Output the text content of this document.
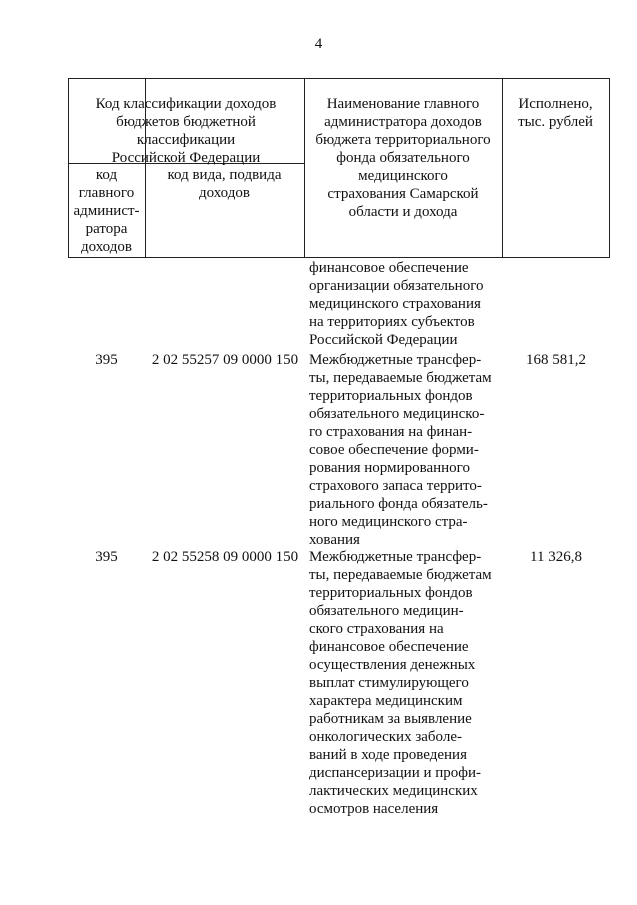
4
Код классификации доходов
бюджетов бюджетной
классификации
Российской Федерации
код
главного
админист-
ратора
доходов
код вида, подвида
доходов
Наименование главного
администратора доходов
бюджета территориального
фонда обязательного
медицинского
страхования Самарской
области и дохода
Исполнено,
тыс. рублей
финансовое обеспечение
организации обязательного
медицинского страхования
на территориях субъектов
Российской Федерации
395	2 02 55257 09 0000 150 Межбюджетные трансфер-
ты, передаваемые бюджетам
территориальных фондов
обязательного медицинско-
го страхования на финан-
совое обеспечение форми-
рования нормированного
страхового запаса террито-
риального фонда обязатель-
ного медицинского стра-
хования
168 581,2
395	2 02 55258 09 0000 150 Межбюджетные трансфер-
ты, передаваемые бюджетам
территориальных фондов
обязательного медицин-
ского страхования на
финансовое обеспечение
осуществления денежных
выплат стимулирующего
характера медицинским
работникам за выявление
онкологических заболе-
ваний в ходе проведения
диспансеризации и профи-
лактических медицинских
осмотров населения
11 326,8
